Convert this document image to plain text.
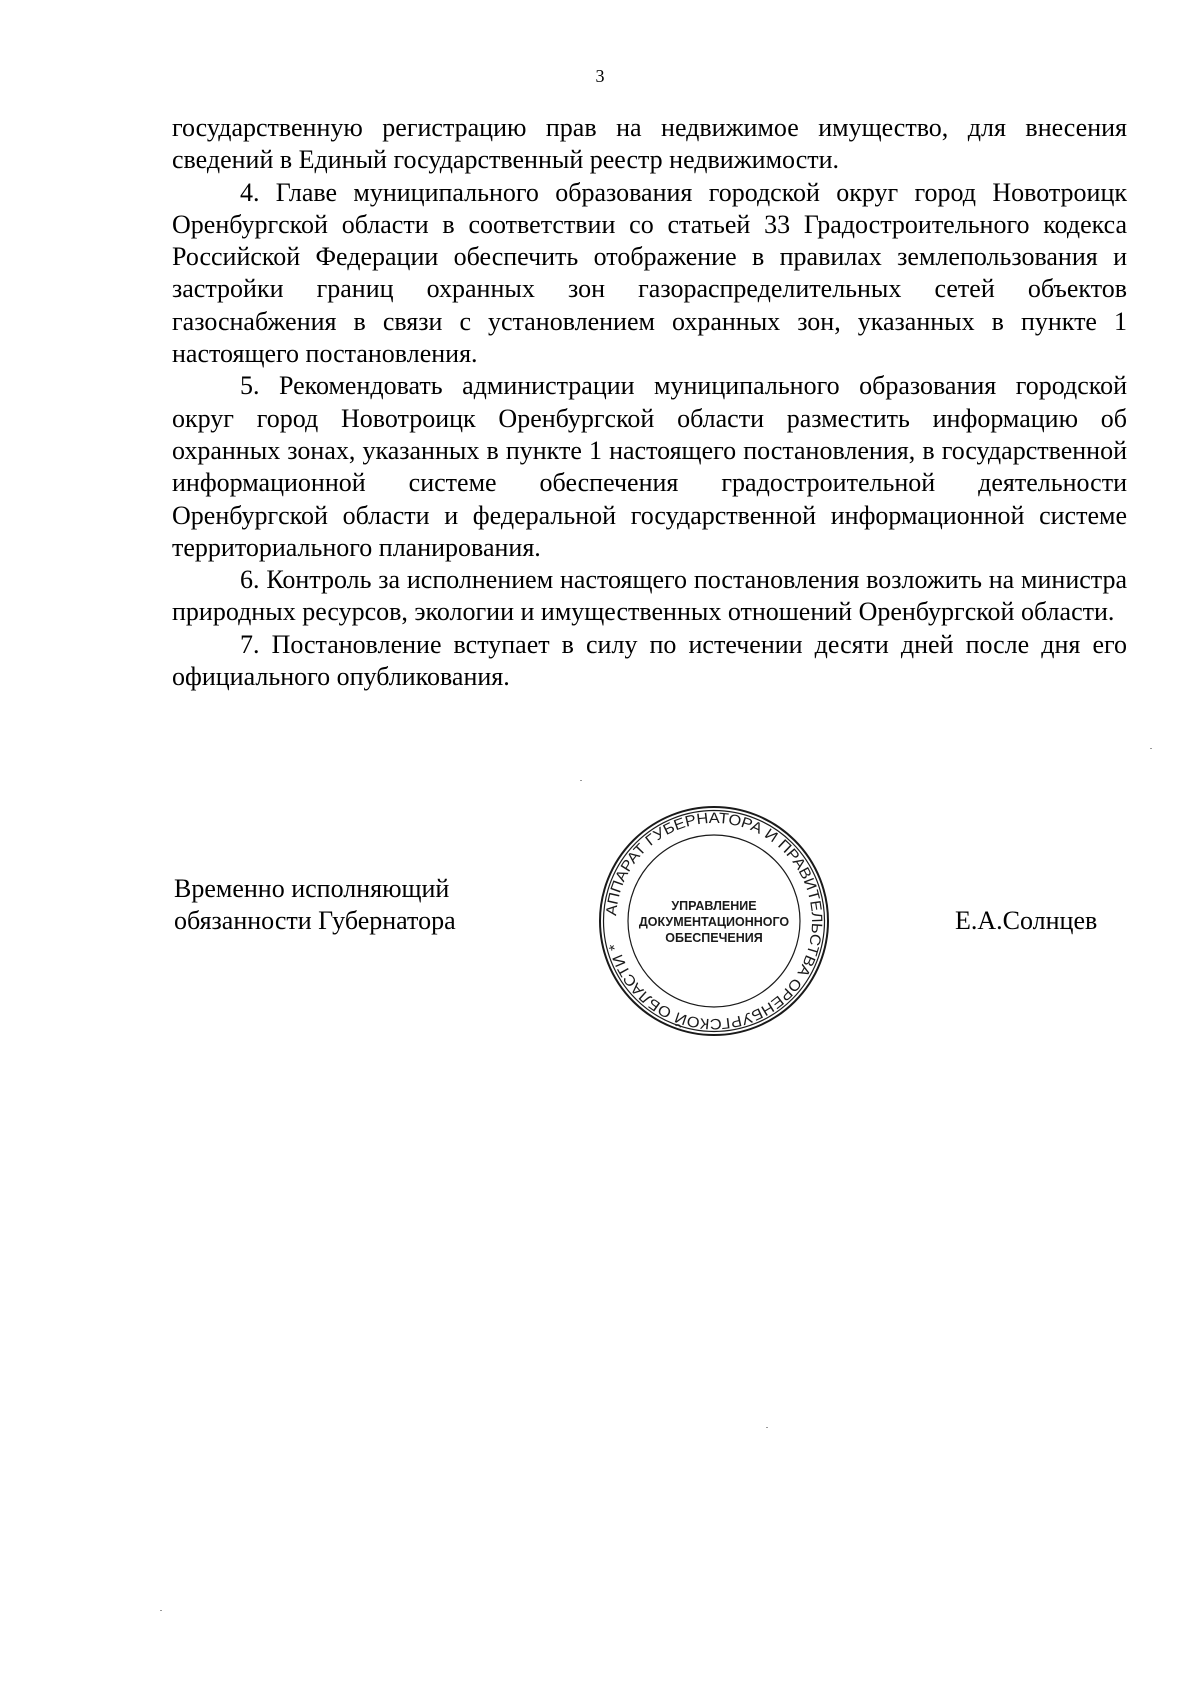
3

государственную регистрацию прав на недвижимое имущество, для внесения сведений в Единый государственный реестр недвижимости.

4. Главе муниципального образования городской округ город Новотроицк Оренбургской области в соответствии со статьей 33 Градостроительного кодекса Российской Федерации обеспечить отображение в правилах землепользования и застройки границ охранных зон газораспределительных сетей объектов газоснабжения в связи с установлением охранных зон, указанных в пункте 1 настоящего постановления.

5. Рекомендовать администрации муниципального образования городской округ город Новотроицк Оренбургской области разместить информацию об охранных зонах, указанных в пункте 1 настоящего постановления, в государственной информационной системе обеспечения градостроительной деятельности Оренбургской области и федеральной государственной информационной системе территориального планирования.

6. Контроль за исполнением настоящего постановления возложить на министра природных ресурсов, экологии и имущественных отношений Оренбургской области.

7. Постановление вступает в силу по истечении десяти дней после дня его официального опубликования.

Временно исполняющий
обязанности Губернатора	АППАРАТ ГУБЕРНАТОРА И ПРАВИТЕЛЬСТВА ОРЕНБУРГСКОЙ ОБЛАСТИ *
УПРАВЛЕНИЕ
ДОКУМЕНТАЦИОННОГО
ОБЕСПЕЧЕНИЯ
Е.А.Солнцев
